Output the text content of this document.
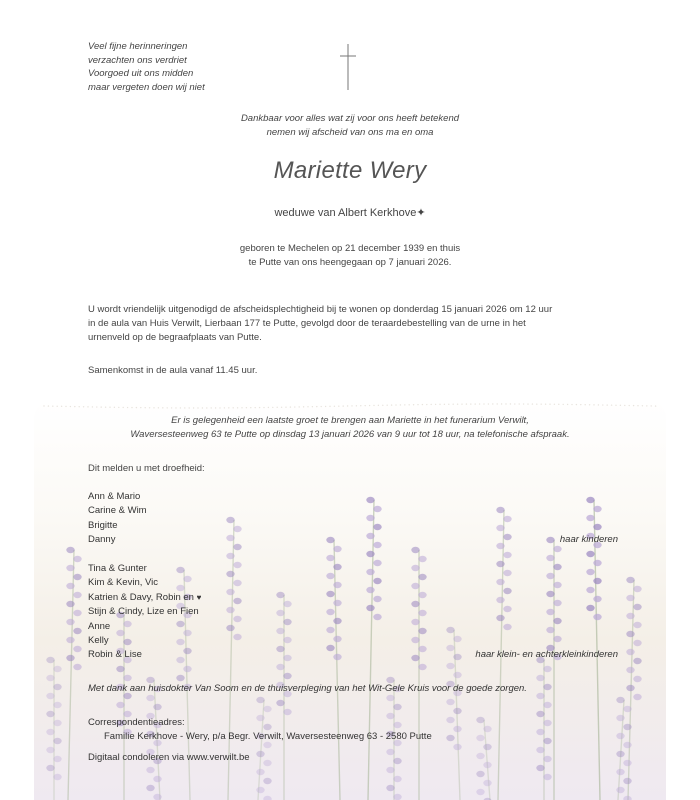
Veel fijne herinneringen
verzachten ons verdriet
Voorgoed uit ons midden
maar vergeten doen wij niet
Dankbaar voor alles wat zij voor ons heeft betekend
nemen wij afscheid van ons ma en oma
Mariette Wery
weduwe van Albert Kerkhove✦
geboren te Mechelen op 21 december 1939 en thuis
te Putte van ons heengegaan op 7 januari 2026.
U wordt vriendelijk uitgenodigd de afscheidsplechtigheid bij te wonen op donderdag 15 januari 2026 om 12 uur
in de aula van Huis Verwilt, Lierbaan 177 te Putte, gevolgd door de teraardebestelling van de urne in het
urnenveld op de begraafplaats van Putte.
Samenkomst in de aula vanaf 11.45 uur.
Er is gelegenheid een laatste groet te brengen aan Mariette in het funerarium Verwilt,
Waversesteenweg 63 te Putte op dinsdag 13 januari 2026 van 9 uur tot 18 uur, na telefonische afspraak.
Dit melden u met droefheid:
Ann & Mario
Carine & Wim
Brigitte
Danny	haar kinderen
Tina & Gunter
Kim & Kevin, Vic
Katrien & Davy, Robin en ♥
Stijn & Cindy, Lize en Fien
Anne
Kelly
Robin & Lise	haar klein- en achterkleinkinderen
Met dank aan huisdokter Van Soom en de thuisverpleging van het Wit-Gele Kruis voor de goede zorgen.
Correspondentieadres:
Familie Kerkhove - Wery, p/a Begr. Verwilt, Waversesteenweg 63 - 2580 Putte
Digitaal condoleren via www.verwilt.be
